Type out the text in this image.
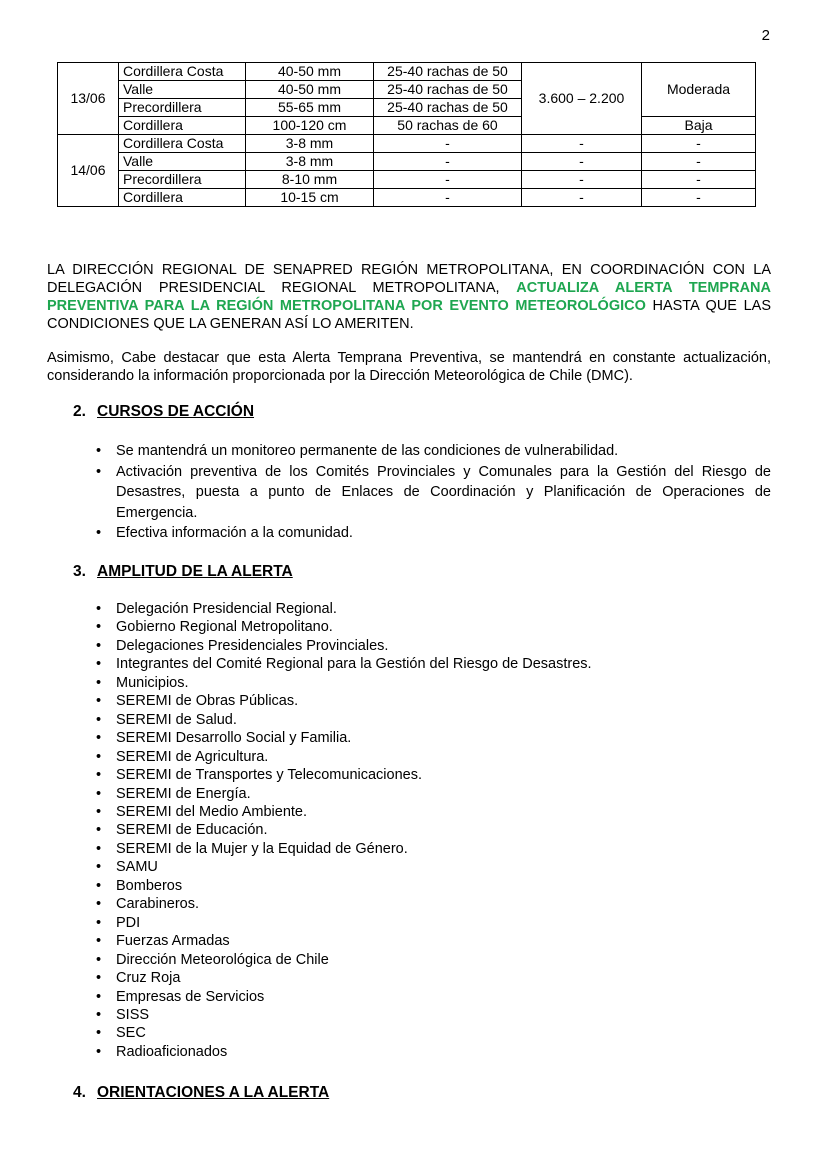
2
13/06	Cordillera Costa	40-50 mm	25-40 rachas de 50	3.600 – 2.200	Moderada
	Valle	40-50 mm	25-40 rachas de 50		
	Precordillera	55-65 mm	25-40 rachas de 50		
	Cordillera	100-120 cm	50 rachas de 60		Baja
14/06	Cordillera Costa	3-8 mm	-	-	-
	Valle	3-8 mm	-	-	-
	Precordillera	8-10 mm	-	-	-
	Cordillera	10-15 cm	-	-	-

LA DIRECCIÓN REGIONAL DE SENAPRED REGIÓN METROPOLITANA, EN COORDINACIÓN CON LA DELEGACIÓN PRESIDENCIAL REGIONAL METROPOLITANA, ACTUALIZA ALERTA TEMPRANA PREVENTIVA PARA LA REGIÓN METROPOLITANA POR EVENTO METEOROLÓGICO HASTA QUE LAS CONDICIONES QUE LA GENERAN ASÍ LO AMERITEN.

Asimismo, Cabe destacar que esta Alerta Temprana Preventiva, se mantendrá en constante actualización, considerando la información proporcionada por la Dirección Meteorológica de Chile (DMC).

2. CURSOS DE ACCIÓN
• Se mantendrá un monitoreo permanente de las condiciones de vulnerabilidad.
• Activación preventiva de los Comités Provinciales y Comunales para la Gestión del Riesgo de Desastres, puesta a punto de Enlaces de Coordinación y Planificación de Operaciones de Emergencia.
• Efectiva información a la comunidad.
3. AMPLITUD DE LA ALERTA
• Delegación Presidencial Regional.
• Gobierno Regional Metropolitano.
• Delegaciones Presidenciales Provinciales.
• Integrantes del Comité Regional para la Gestión del Riesgo de Desastres.
• Municipios.
• SEREMI de Obras Públicas.
• SEREMI de Salud.
• SEREMI Desarrollo Social y Familia.
• SEREMI de Agricultura.
• SEREMI de Transportes y Telecomunicaciones.
• SEREMI de Energía.
• SEREMI del Medio Ambiente.
• SEREMI de Educación.
• SEREMI de la Mujer y la Equidad de Género.
• SAMU
• Bomberos
• Carabineros.
• PDI
• Fuerzas Armadas
• Dirección Meteorológica de Chile
• Cruz Roja
• Empresas de Servicios
• SISS
• SEC
• Radioaficionados
4. ORIENTACIONES A LA ALERTA
